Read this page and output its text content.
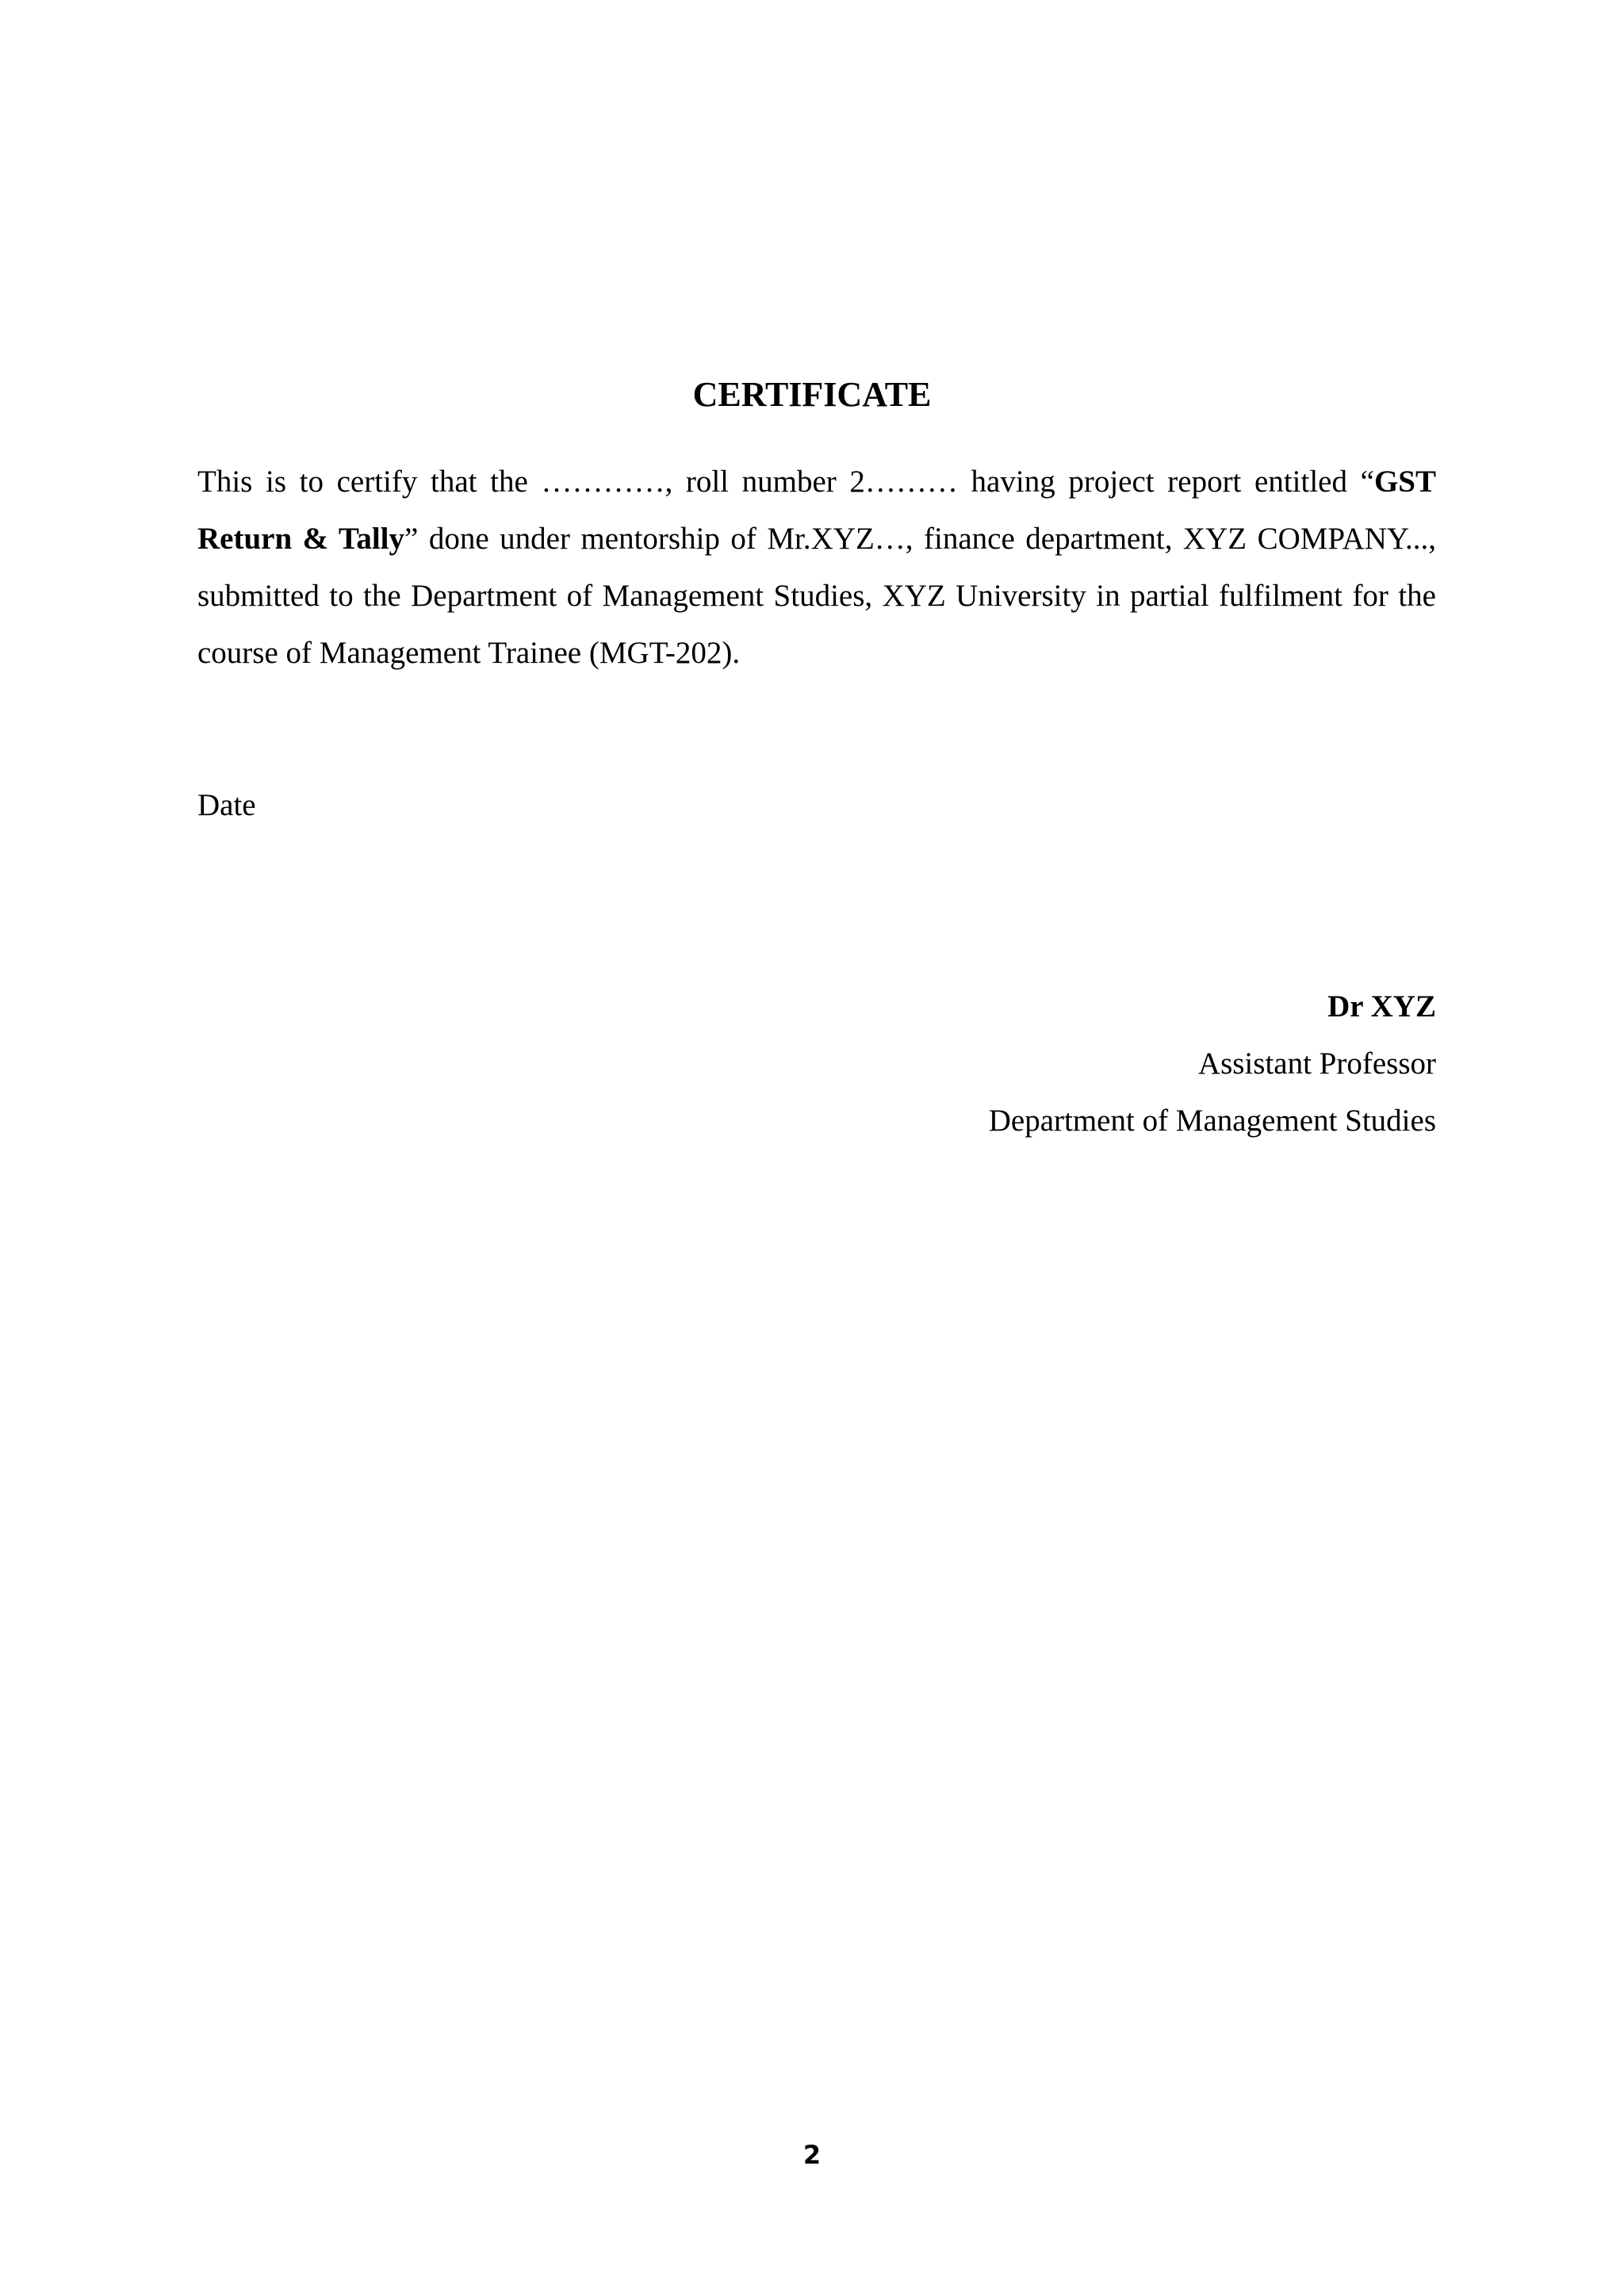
CERTIFICATE

This is to certify that the …………, roll number 2……… having project report entitled “GST Return & Tally” done under mentorship of Mr.XYZ…, finance department, XYZ COMPANY..., submitted to the Department of Management Studies, XYZ University in partial fulfilment for the course of Management Trainee (MGT-202).

Date

Dr XYZ
Assistant Professor
Department of Management Studies
2
